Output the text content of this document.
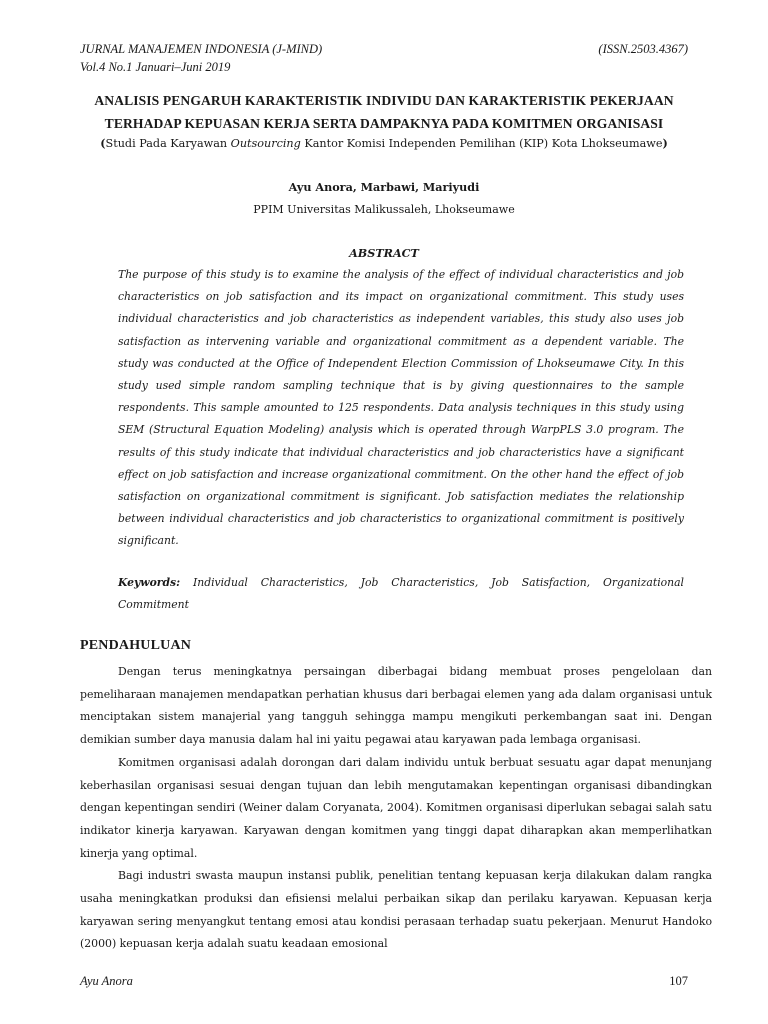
JURNAL MANAJEMEN INDONESIA (J-MIND)	(ISSN.2503.4367)
Vol.4 No.1 Januari–Juni 2019
ANALISIS PENGARUH KARAKTERISTIK INDIVIDU DAN KARAKTERISTIK PEKERJAAN
TERHADAP KEPUASAN KERJA SERTA DAMPAKNYA PADA KOMITMEN ORGANISASI
(Studi Pada Karyawan Outsourcing Kantor Komisi Independen Pemilihan (KIP) Kota Lhokseumawe)
Ayu Anora, Marbawi, Mariyudi
PPIM Universitas Malikussaleh, Lhokseumawe
ABSTRACT

The purpose of this study is to examine the analysis of the effect of individual characteristics and job characteristics on job satisfaction and its impact on organizational commitment. This study uses individual characteristics and job characteristics as independent variables, this study also uses job satisfaction as intervening variable and organizational commitment as a dependent variable. The study was conducted at the Office of Independent Election Commission of Lhokseumawe City. In this study used simple random sampling technique that is by giving questionnaires to the sample respondents. This sample amounted to 125 respondents. Data analysis techniques in this study using SEM (Structural Equation Modeling) analysis which is operated through WarpPLS 3.0 program. The results of this study indicate that individual characteristics and job characteristics have a significant effect on job satisfaction and increase organizational commitment. On the other hand the effect of job satisfaction on organizational commitment is significant. Job satisfaction mediates the relationship between individual characteristics and job characteristics to organizational commitment is positively significant.

Keywords: Individual Characteristics, Job Characteristics, Job Satisfaction, Organizational Commitment

PENDAHULUAN

Dengan terus meningkatnya persaingan diberbagai bidang membuat proses pengelolaan dan pemeliharaan manajemen mendapatkan perhatian khusus dari berbagai elemen yang ada dalam organisasi untuk menciptakan sistem manajerial yang tangguh sehingga mampu mengikuti perkembangan saat ini. Dengan demikian sumber daya manusia dalam hal ini yaitu pegawai atau karyawan pada lembaga organisasi.

Komitmen organisasi adalah dorongan dari dalam individu untuk berbuat sesuatu agar dapat menunjang keberhasilan organisasi sesuai dengan tujuan dan lebih mengutamakan kepentingan organisasi dibandingkan dengan kepentingan sendiri (Weiner dalam Coryanata, 2004). Komitmen organisasi diperlukan sebagai salah satu indikator kinerja karyawan. Karyawan dengan komitmen yang tinggi dapat diharapkan akan memperlihatkan kinerja yang optimal.

Bagi industri swasta maupun instansi publik, penelitian tentang kepuasan kerja dilakukan dalam rangka usaha meningkatkan produksi dan efisiensi melalui perbaikan sikap dan perilaku karyawan. Kepuasan kerja karyawan sering menyangkut tentang emosi atau kondisi perasaan terhadap suatu pekerjaan. Menurut Handoko (2000) kepuasan kerja adalah suatu keadaan emosional

Ayu Anora	107
